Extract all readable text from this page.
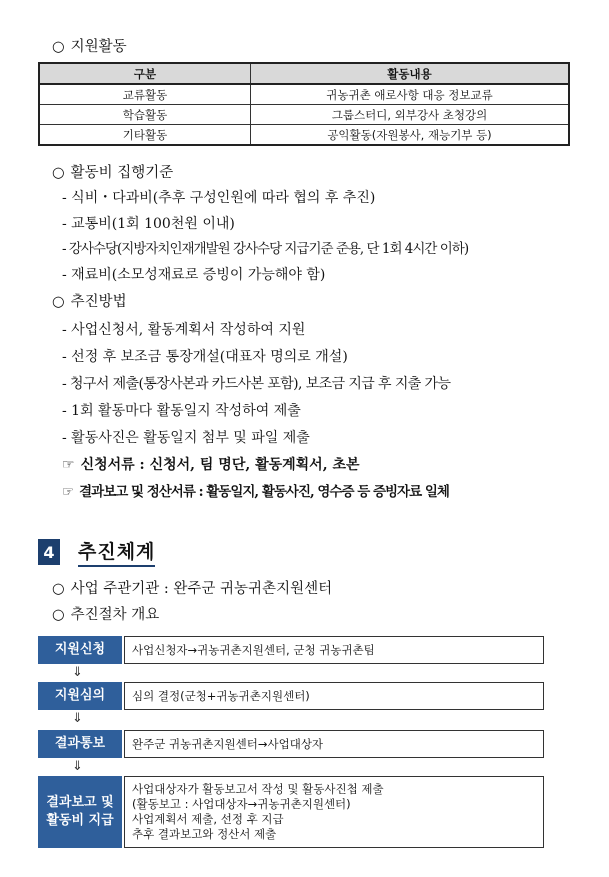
○ 지원활동
구분	활동내용
교류활동	귀농귀촌 애로사항 대응 정보교류
학습활동	그룹스터디, 외부강사 초청강의
기타활동	공익활동(자원봉사, 재능기부 등)
○ 활동비 집행기준
- 식비・다과비(추후 구성인원에 따라 협의 후 추진)
- 교통비(1회 100천원 이내)
- 강사수당(지방자치인재개발원 강사수당 지급기준 준용, 단 1회 4시간 이하)
- 재료비(소모성재료로 증빙이 가능해야 함)
○ 추진방법
- 사업신청서, 활동계획서 작성하여 지원
- 선정 후 보조금 통장개설(대표자 명의로 개설)
- 청구서 제출(통장사본과 카드사본 포함), 보조금 지급 후 지출 가능
- 1회 활동마다 활동일지 작성하여 제출
- 활동사진은 활동일지 첨부 및 파일 제출
☞ 신청서류 : 신청서, 팀 명단, 활동계획서, 초본
☞ 결과보고 및 정산서류 : 활동일지, 활동사진, 영수증 등 증빙자료 일체
4 추진체계
○ 사업 주관기관 : 완주군 귀농귀촌지원센터
○ 추진절차 개요
지원신청	사업신청자→귀농귀촌지원센터, 군청 귀농귀촌팀
⇓
지원심의	심의 결정(군청+귀농귀촌지원센터)
⇓
결과통보	완주군 귀농귀촌지원센터→사업대상자
⇓
결과보고 및 활동비 지급
사업대상자가 활동보고서 작성 및 활동사진첩 제출
(활동보고 : 사업대상자→귀농귀촌지원센터)
사업계획서 제출, 선정 후 지급
추후 결과보고와 정산서 제출
